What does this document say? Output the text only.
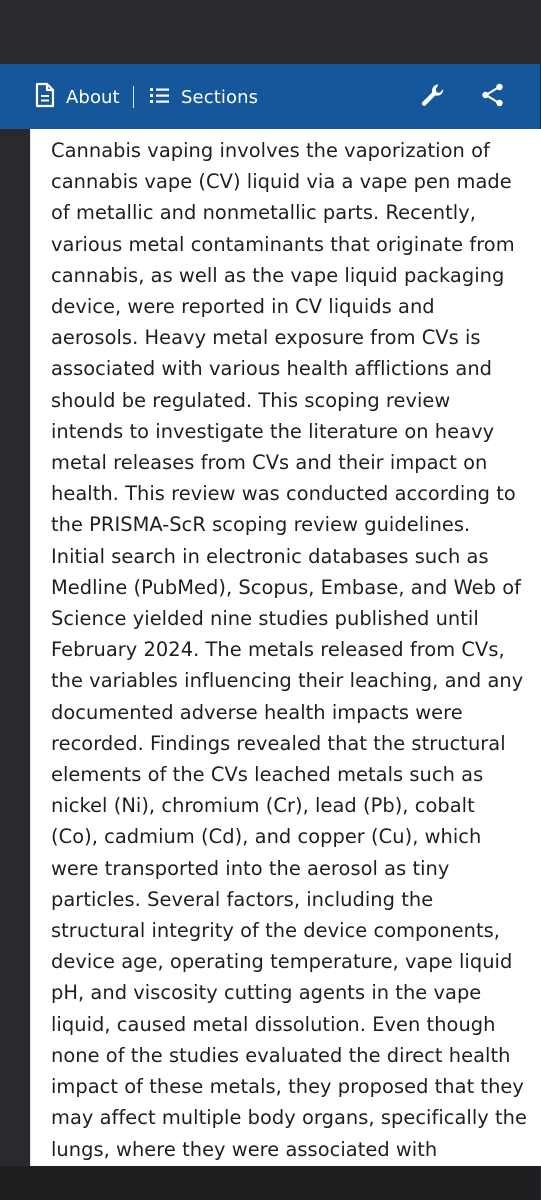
About	Sections

Cannabis vaping involves the vaporization of cannabis vape (CV) liquid via a vape pen made of metallic and nonmetallic parts. Recently, various metal contaminants that originate from cannabis, as well as the vape liquid packaging device, were reported in CV liquids and aerosols. Heavy metal exposure from CVs is associated with various health afflictions and should be regulated. This scoping review intends to investigate the literature on heavy metal releases from CVs and their impact on health. This review was conducted according to the PRISMA-ScR scoping review guidelines. Initial search in electronic databases such as Medline (PubMed), Scopus, Embase, and Web of Science yielded nine studies published until February 2024. The metals released from CVs, the variables influencing their leaching, and any documented adverse health impacts were recorded. Findings revealed that the structural elements of the CVs leached metals such as nickel (Ni), chromium (Cr), lead (Pb), cobalt (Co), cadmium (Cd), and copper (Cu), which were transported into the aerosol as tiny particles. Several factors, including the structural integrity of the device components, device age, operating temperature, vape liquid pH, and viscosity cutting agents in the vape liquid, caused metal dissolution. Even though none of the studies evaluated the direct health impact of these metals, they proposed that they may affect multiple body organs, specifically the lungs, where they were associated with
